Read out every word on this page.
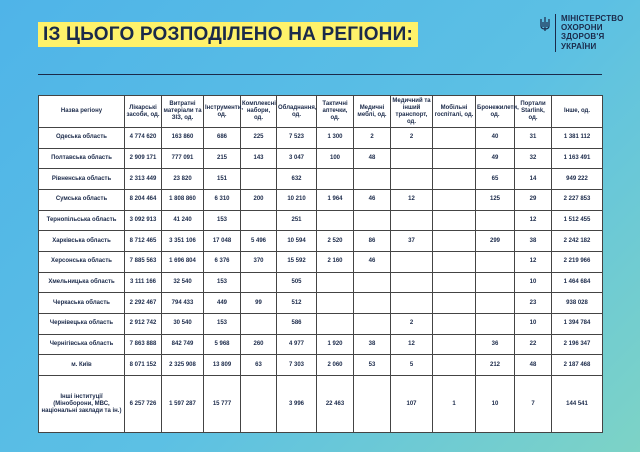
ІЗ ЦЬОГО РОЗПОДІЛЕНО НА РЕГІОНИ:
МІНІСТЕРСТВО
ОХОРОНИ
ЗДОРОВ'Я
УКРАЇНИ
Назва регіону	Лікарські засоби, од.	Витратні матеріали та ЗІЗ, од.	Інструменти, од.	Комплексні набори, од.	Обладнання, од.	Тактичні аптечки, од.	Медичні меблі, од.	Медичний та інший транспорт, од.	Мобільні госпіталі, од.	Бронежилети, од.	Портали Starlink, од.	Інше, од.
Одеська область	4 774 620	163 860	686	225	7 523	1 300	2	2		40	31	1 381 112
Полтавська область	2 909 171	777 091	215	143	3 047	100	48			49	32	1 163 491
Рівненська область	2 313 449	23 820	151		632					65	14	949 222
Сумська область	8 204 464	1 808 860	6 310	200	10 210	1 964	46	12		125	29	2 227 853
Тернопільська область	3 092 913	41 240	153		251						12	1 512 455
Харківська область	8 712 465	3 351 106	17 048	5 496	10 594	2 520	86	37		299	38	2 242 182
Херсонська область	7 885 563	1 696 804	6 376	370	15 592	2 160	46				12	2 219 966
Хмельницька область	3 111 166	32 540	153		505						10	1 464 684
Черкаська область	2 292 467	794 433	449	99	512						23	938 028
Чернівецька область	2 912 742	30 540	153		586			2			10	1 394 784
Чернігівська область	7 863 888	842 749	5 968	260	4 977	1 920	38	12		36	22	2 196 347
м. Київ	8 071 152	2 325 908	13 809	63	7 303	2 060	53	5		212	48	2 187 468
Інші інституції (Міноборони, МВС, національні заклади та ін.)	6 257 726	1 597 287	15 777		3 996	22 463		107	1	10	7	144 541
